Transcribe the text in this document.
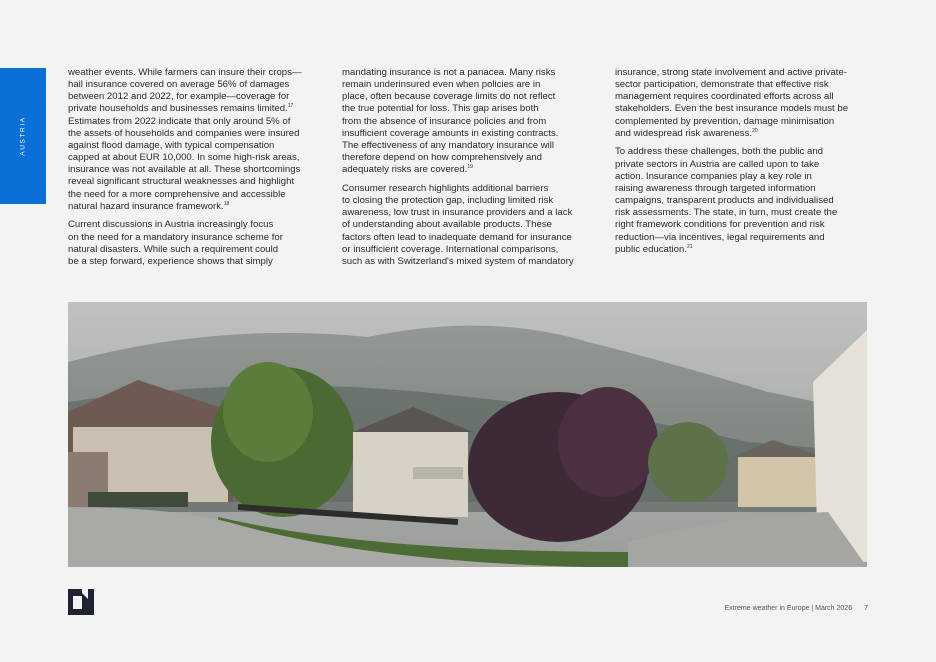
AUSTRIA

weather events. While farmers can insure their crops—
hail insurance covered on average 56% of damages
between 2012 and 2022, for example—coverage for
private households and businesses remains limited.$^{17}$
Estimates from 2022 indicate that only around 5% of
the assets of households and companies were insured
against flood damage, with typical compensation
capped at about EUR 10,000. In some high-risk areas,
insurance was not available at all. These shortcomings
reveal significant structural weaknesses and highlight
the need for a more comprehensive and accessible
natural hazard insurance framework.$^{18}$

Current discussions in Austria increasingly focus
on the need for a mandatory insurance scheme for
natural disasters. While such a requirement could
be a step forward, experience shows that simply

mandating insurance is not a panacea. Many risks
remain underinsured even when policies are in
place, often because coverage limits do not reflect
the true potential for loss. This gap arises both
from the absence of insurance policies and from
insufficient coverage amounts in existing contracts.
The effectiveness of any mandatory insurance will
therefore depend on how comprehensively and
adequately risks are covered.$^{19}$

Consumer research highlights additional barriers
to closing the protection gap, including limited risk
awareness, low trust in insurance providers and a lack
of understanding about available products. These
factors often lead to inadequate demand for insurance
or insufficient coverage. International comparisons,
such as with Switzerland's mixed system of mandatory

insurance, strong state involvement and active private-
sector participation, demonstrate that effective risk
management requires coordinated efforts across all
stakeholders. Even the best insurance models must be
complemented by prevention, damage minimisation
and widespread risk awareness.$^{20}$

To address these challenges, both the public and
private sectors in Austria are called upon to take
action. Insurance companies play a key role in
raising awareness through targeted information
campaigns, transparent products and individualised
risk assessments. The state, in turn, must create the
right framework conditions for prevention and risk
reduction—via incentives, legal requirements and
public education.$^{21}$

Extreme weather in Europe | March 2026 7
